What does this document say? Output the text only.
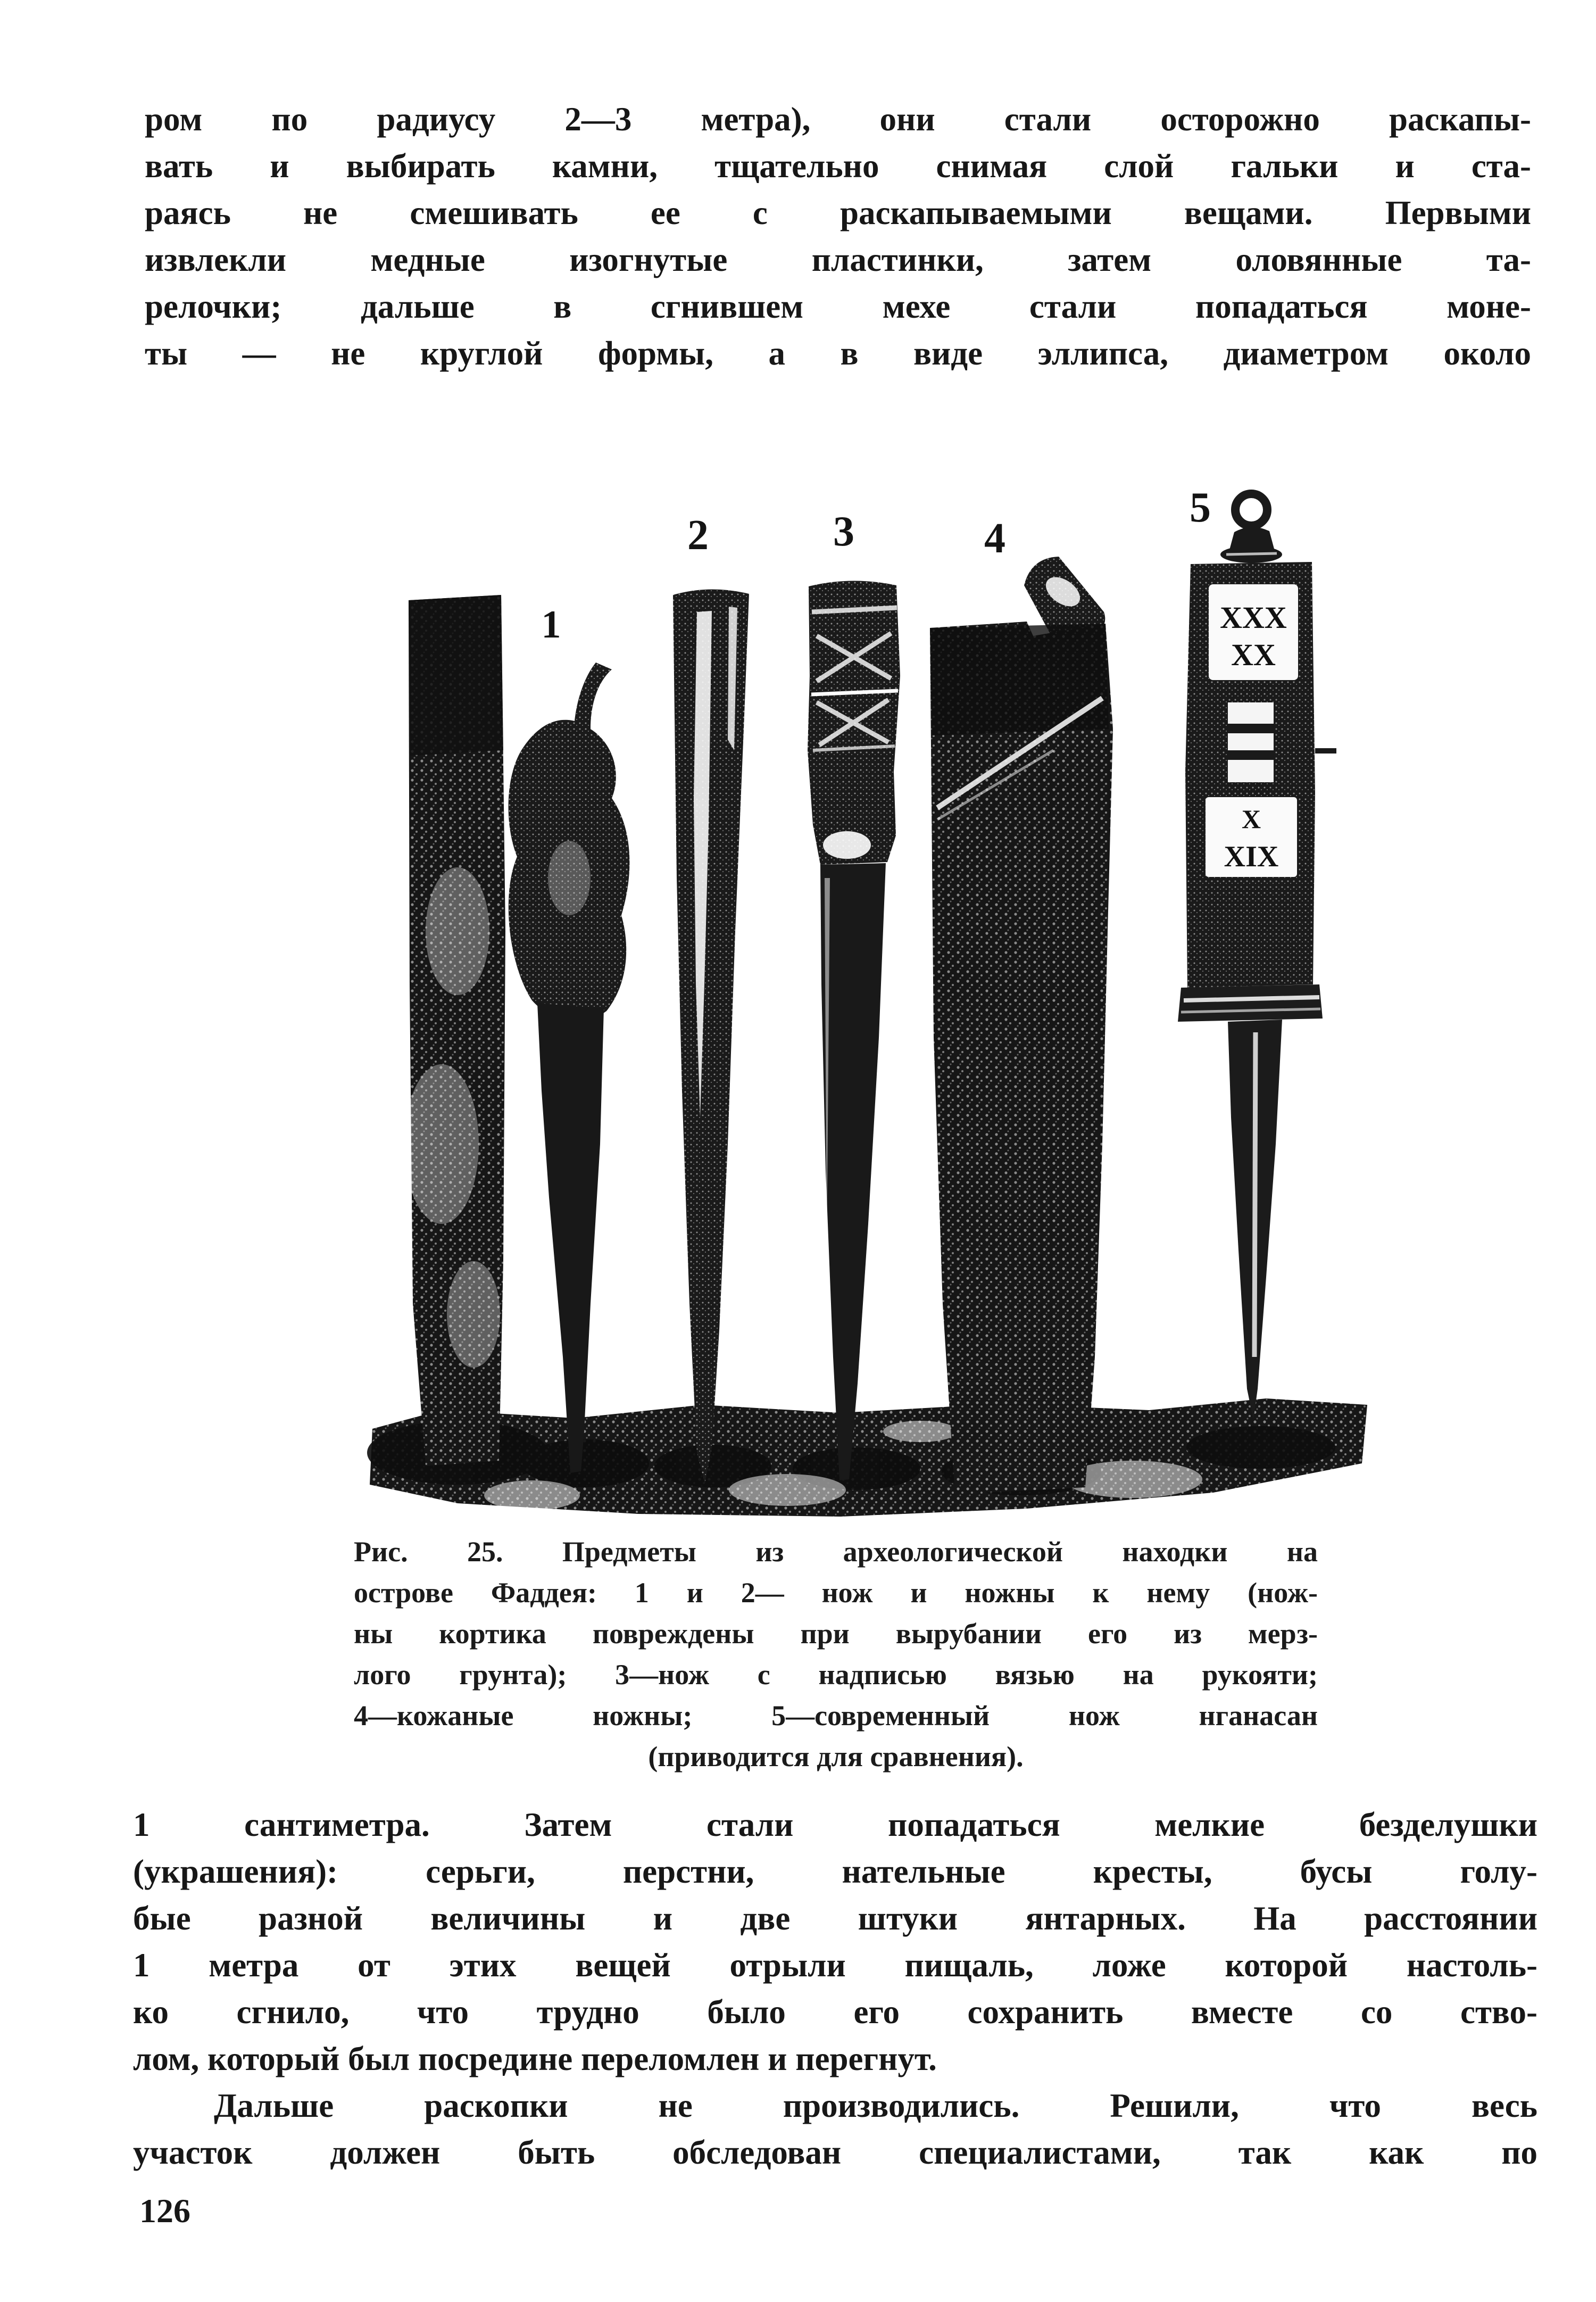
ром по радиусу 2—3 метра), они стали осторожно раскапы-
вать и выбирать камни, тщательно снимая слой гальки и ста-
раясь не смешивать ее с раскапываемыми вещами. Первыми
извлекли медные изогнутые пластинки, затем оловянные та-
релочки; дальше в сгнившем мехе стали попадаться моне-
ты — не круглой формы, а в виде эллипса, диаметром около
XXX
XX
X
XIX
1
2	3	4
5
Рис. 25. Предметы из археологической находки на
острове Фаддея: 1 и 2— нож и ножны к нему (нож-
ны кортика повреждены при вырубании его из мерз-
лого грунта); 3—нож с надписью вязью на рукояти;
4—кожаные ножны; 5—современный нож нганасан
(приводится для сравнения).
1 сантиметра. Затем стали попадаться мелкие безделушки
(украшения): серьги, перстни, нательные кресты, бусы голу-
бые разной величины и две штуки янтарных. На расстоянии
1 метра от этих вещей отрыли пищаль, ложе которой настоль-
ко сгнило, что трудно было его сохранить вместе со ство-
лом, который был посредине переломлен и перегнут.
Дальше раскопки не производились. Решили, что весь
участок должен быть обследован специалистами, так как по
126
